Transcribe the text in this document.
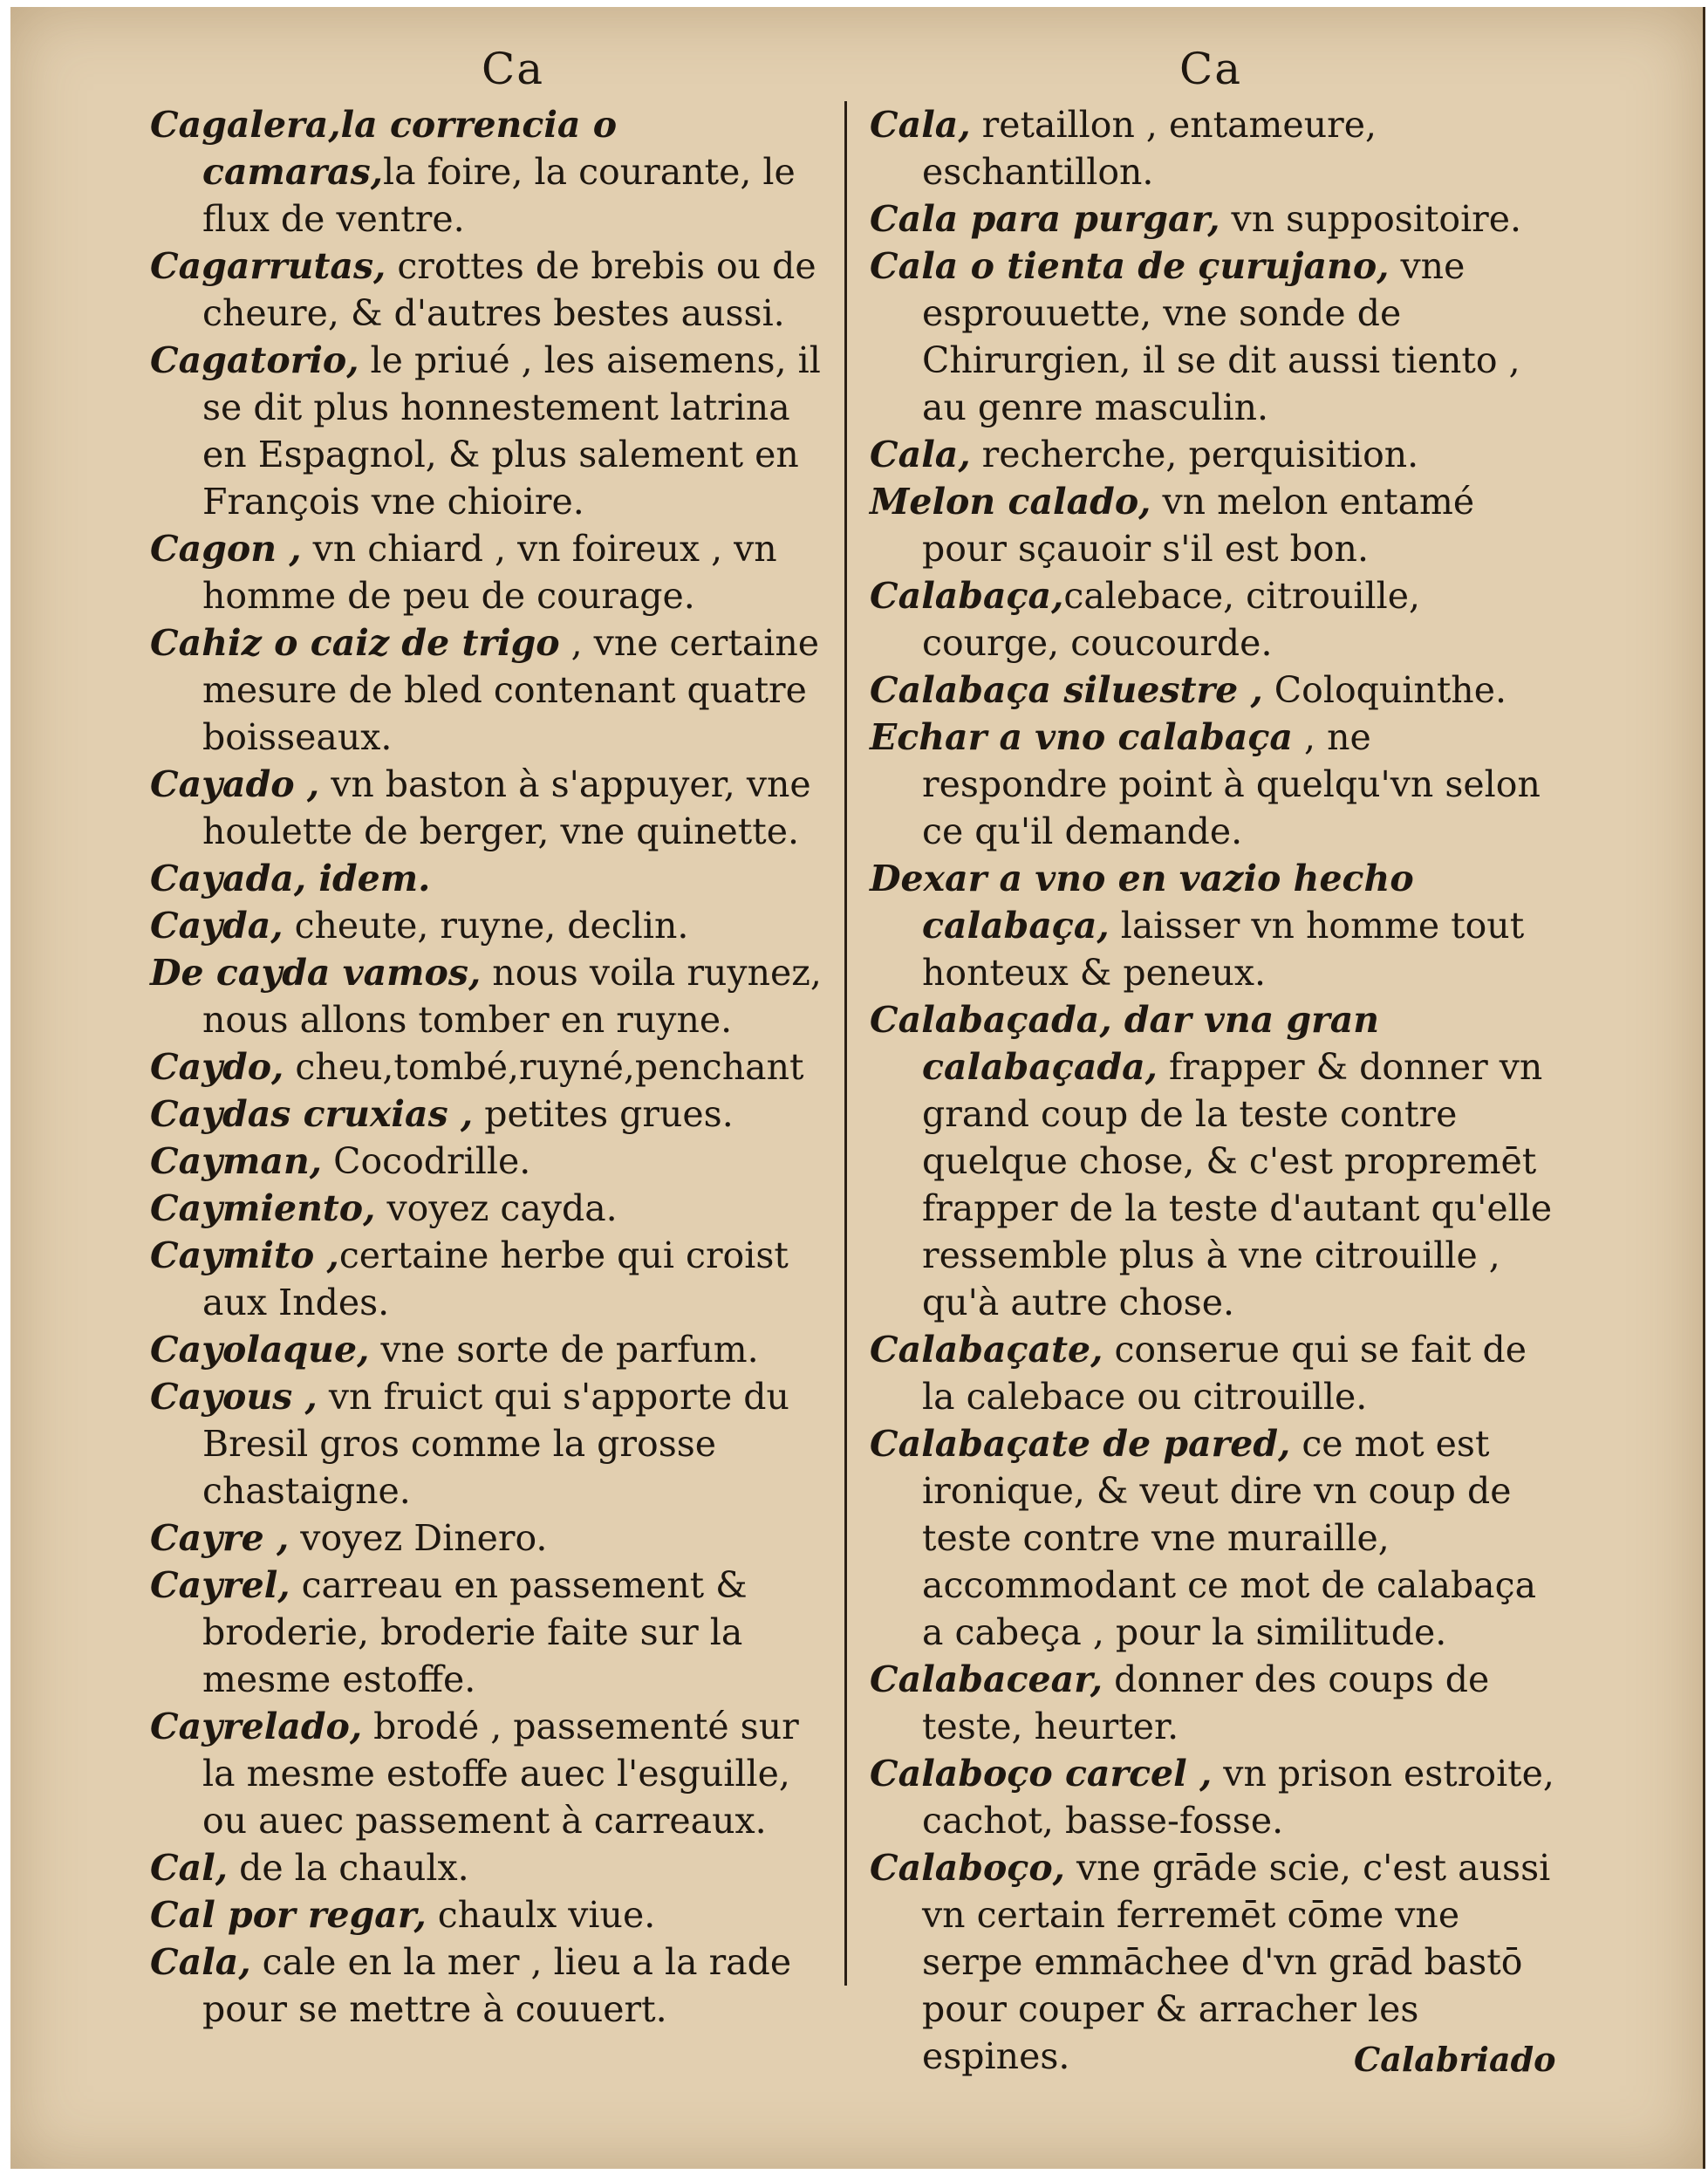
Ca	Ca
Cagalera,la correncia o camaras,la foire, la courante, le flux de ventre.
Cagarrutas, crottes de brebis ou de cheure, & d'autres bestes aussi.
Cagatorio, le priué , les aisemens, il se dit plus honnestement latrina en Espagnol, & plus salement en François vne chioire.
Cagon , vn chiard , vn foireux , vn homme de peu de courage.
Cahiz o caiz de trigo , vne certaine mesure de bled contenant quatre boisseaux.
Cayado , vn baston à s'appuyer, vne houlette de berger, vne quinette.
Cayada, idem.
Cayda, cheute, ruyne, declin.
De cayda vamos, nous voila ruynez, nous allons tomber en ruyne.
Caydo, cheu,tombé,ruyné,penchant
Caydas cruxias , petites grues.
Cayman, Cocodrille.
Caymiento, voyez cayda.
Caymito ,certaine herbe qui croist aux Indes.
Cayolaque, vne sorte de parfum.
Cayous , vn fruict qui s'apporte du Bresil gros comme la grosse chastaigne.
Cayre , voyez Dinero.
Cayrel, carreau en passement & broderie, broderie faite sur la mesme estoffe.
Cayrelado, brodé , passementé sur la mesme estoffe auec l'esguille, ou auec passement à carreaux.
Cal, de la chaulx.
Cal por regar, chaulx viue.
Cala, cale en la mer , lieu a la rade pour se mettre à couuert.
Cala, retaillon , entameure, eschantillon.
Cala para purgar, vn suppositoire.
Cala o tienta de çurujano, vne esprouuette, vne sonde de Chirurgien, il se dit aussi tiento , au genre masculin.
Cala, recherche, perquisition.
Melon calado, vn melon entamé pour sçauoir s'il est bon.
Calabaça,calebace, citrouille, courge, coucourde.
Calabaça siluestre , Coloquinthe.
Echar a vno calabaça , ne respondre point à quelqu'vn selon ce qu'il demande.
Dexar a vno en vazio hecho calabaça, laisser vn homme tout honteux & peneux.
Calabaçada, dar vna gran calabaçada, frapper & donner vn grand coup de la teste contre quelque chose, & c'est propremēt frapper de la teste d'autant qu'elle ressemble plus à vne citrouille , qu'à autre chose.
Calabaçate, conserue qui se fait de la calebace ou citrouille.
Calabaçate de pared, ce mot est ironique, & veut dire vn coup de teste contre vne muraille, accommodant ce mot de calabaça a cabeça , pour la similitude.
Calabacear, donner des coups de teste, heurter.
Calaboço carcel , vn prison estroite, cachot, basse-fosse.
Calaboço, vne grāde scie, c'est aussi vn certain ferremēt cōme vne serpe emmāchee d'vn grād bastō pour couper & arracher les espines.	Calabriado
